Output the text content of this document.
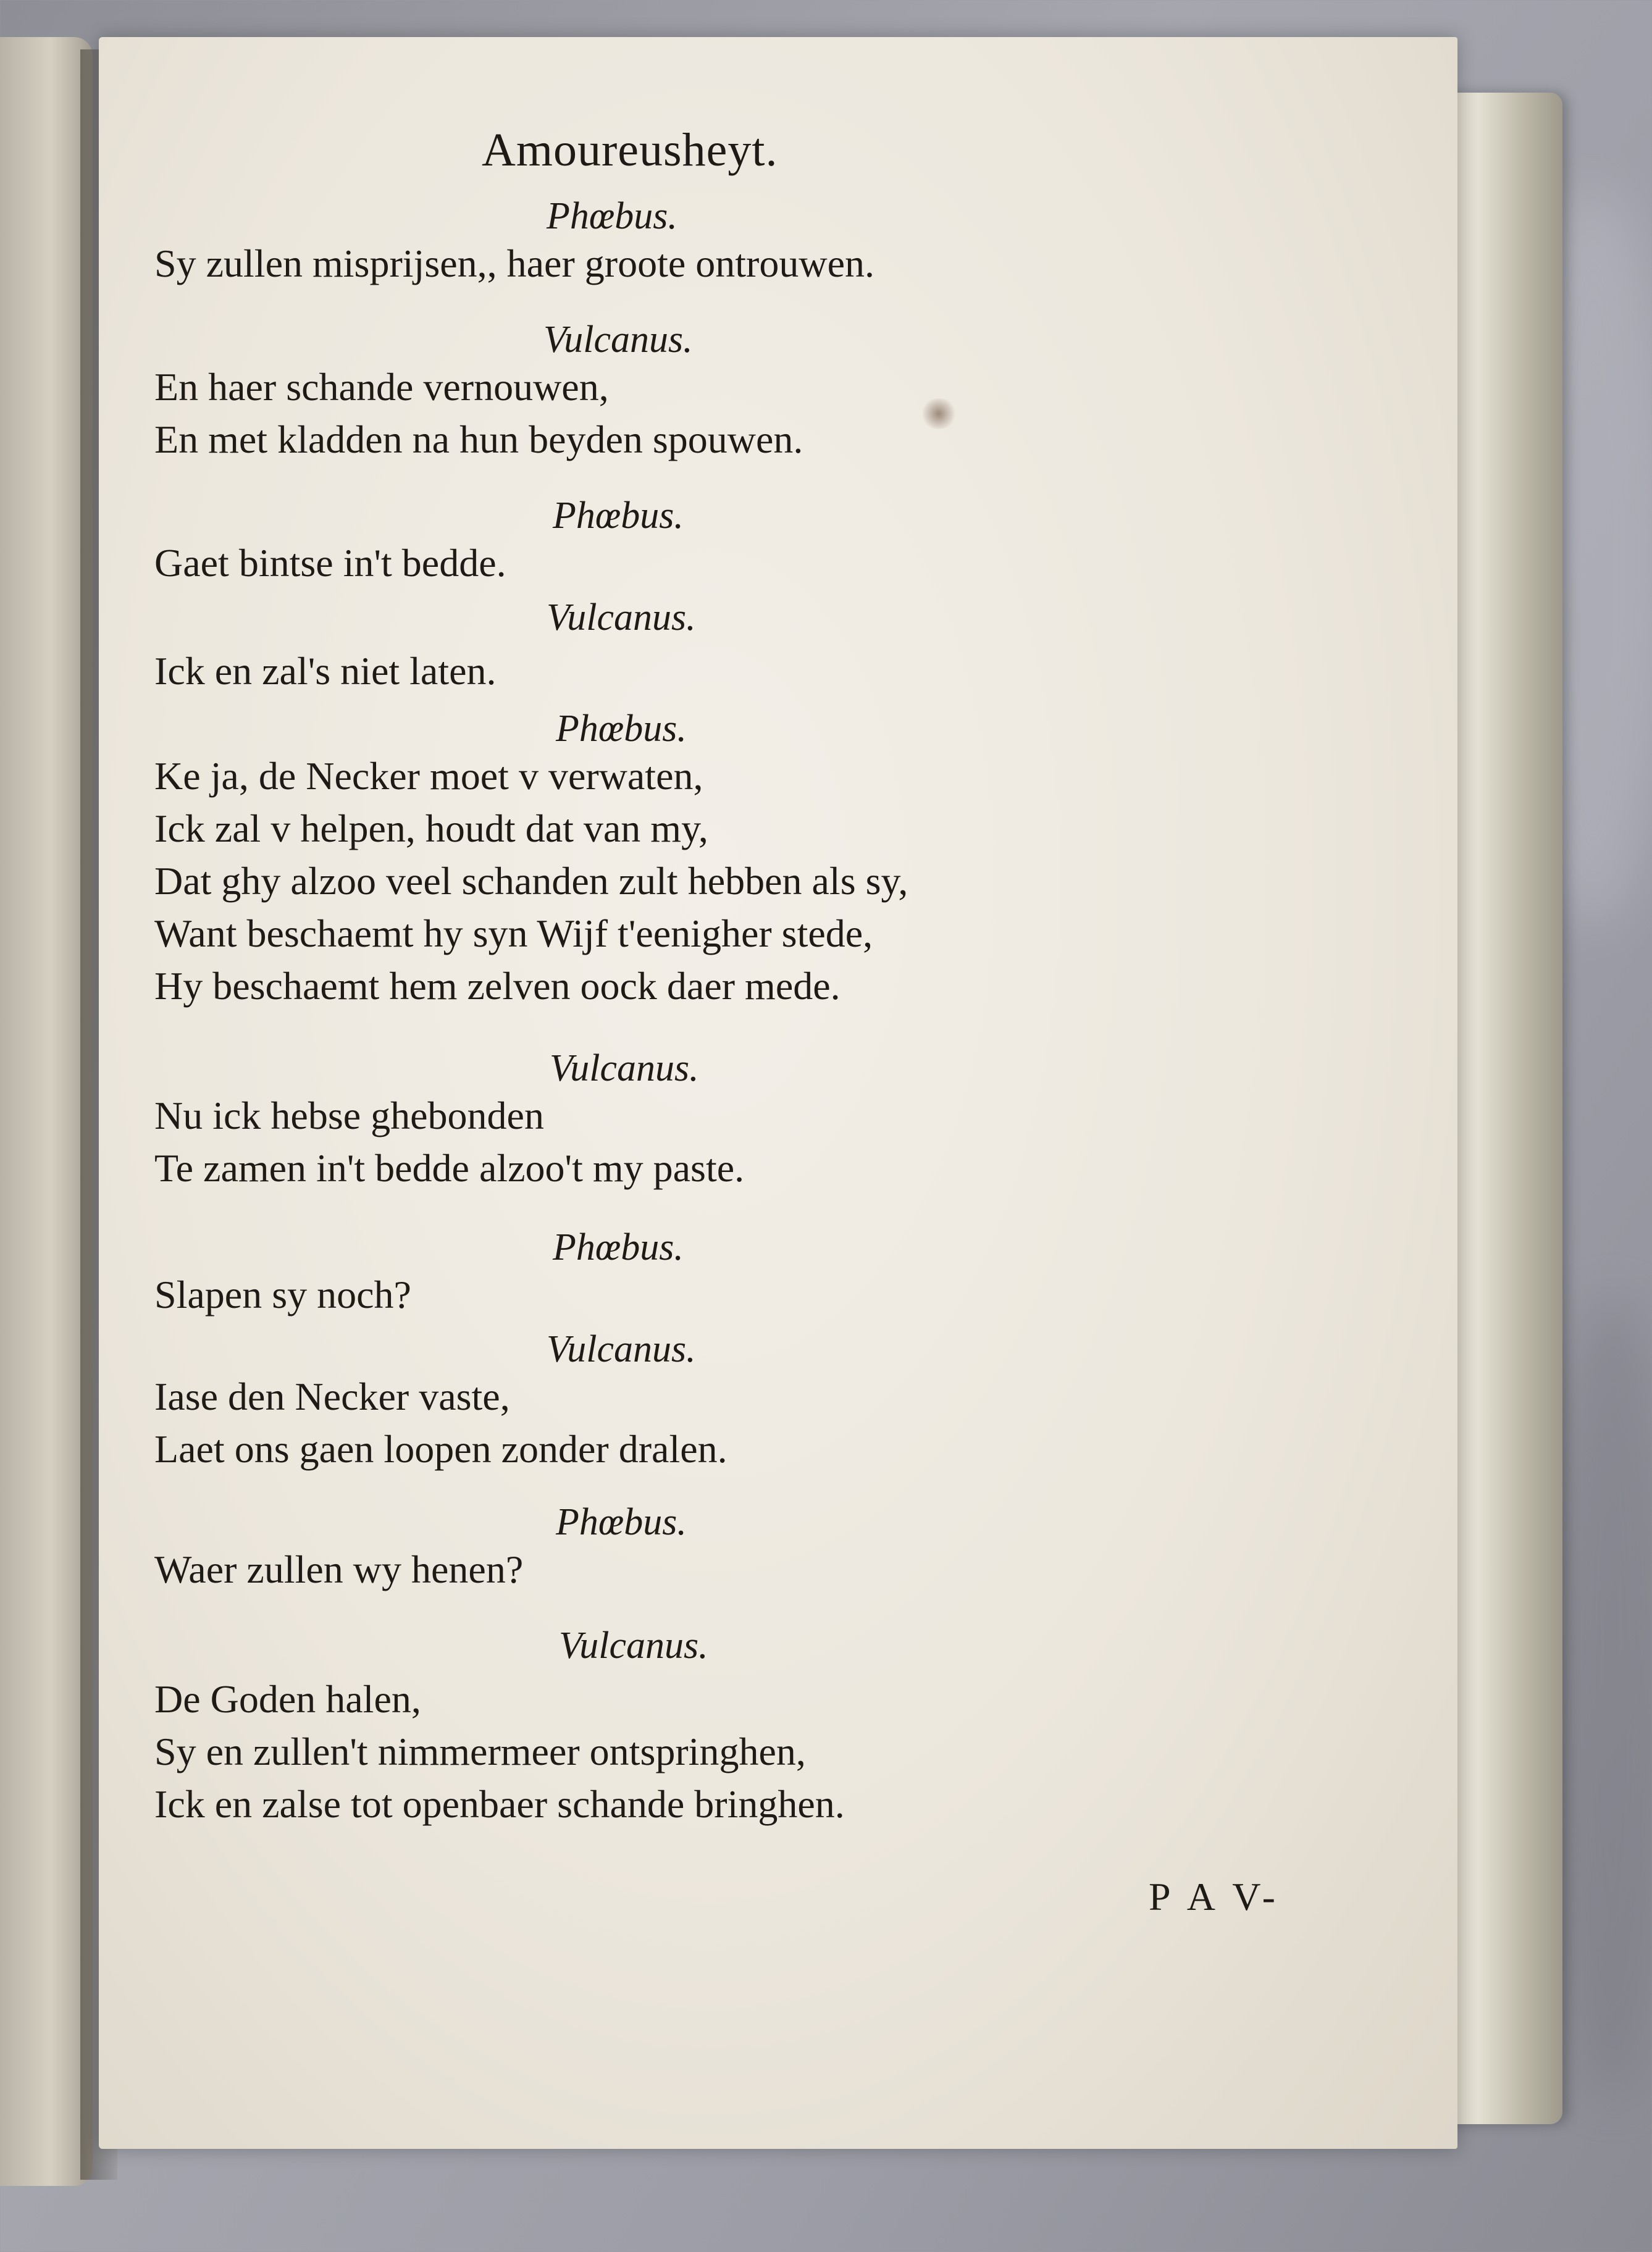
Amoureusheyt.
Phœbus.
Sy zullen misprijsen,, haer groote ontrouwen.
Vulcanus.
En haer schande vernouwen,
En met kladden na hun beyden spouwen.
Phœbus.
Gaet bintse in't bedde.
Vulcanus.
Ick en zal's niet laten.
Phœbus.
Ke ja, de Necker moet v verwaten,
Ick zal v helpen, houdt dat van my,
Dat ghy alzoo veel schanden zult hebben als sy,
Want beschaemt hy syn Wijf t'eenigher stede,
Hy beschaemt hem zelven oock daer mede.
Vulcanus.
Nu ick hebse ghebonden
Te zamen in't bedde alzoo't my paste.
Phœbus.
Slapen sy noch?
Vulcanus.
Iase den Necker vaste,
Laet ons gaen loopen zonder dralen.
Phœbus.
Waer zullen wy henen?
Vulcanus.
De Goden halen,
Sy en zullen't nimmermeer ontspringhen,
Ick en zalse tot openbaer schande bringhen.
P A V-
